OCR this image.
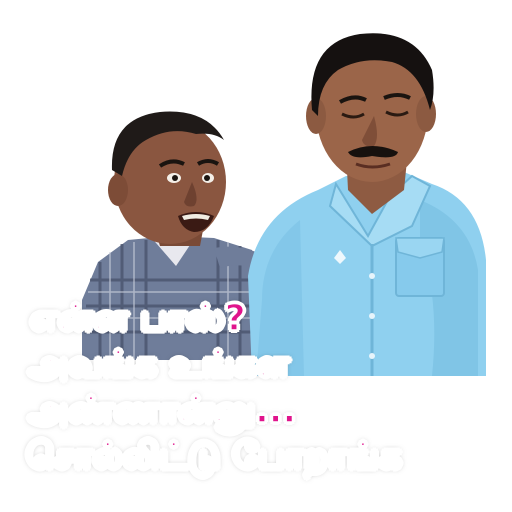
என்ன பாஸ்?
அவங்க உங்கள
அண்ணான்னு...
சொல்லிட்டு போறாங்க
